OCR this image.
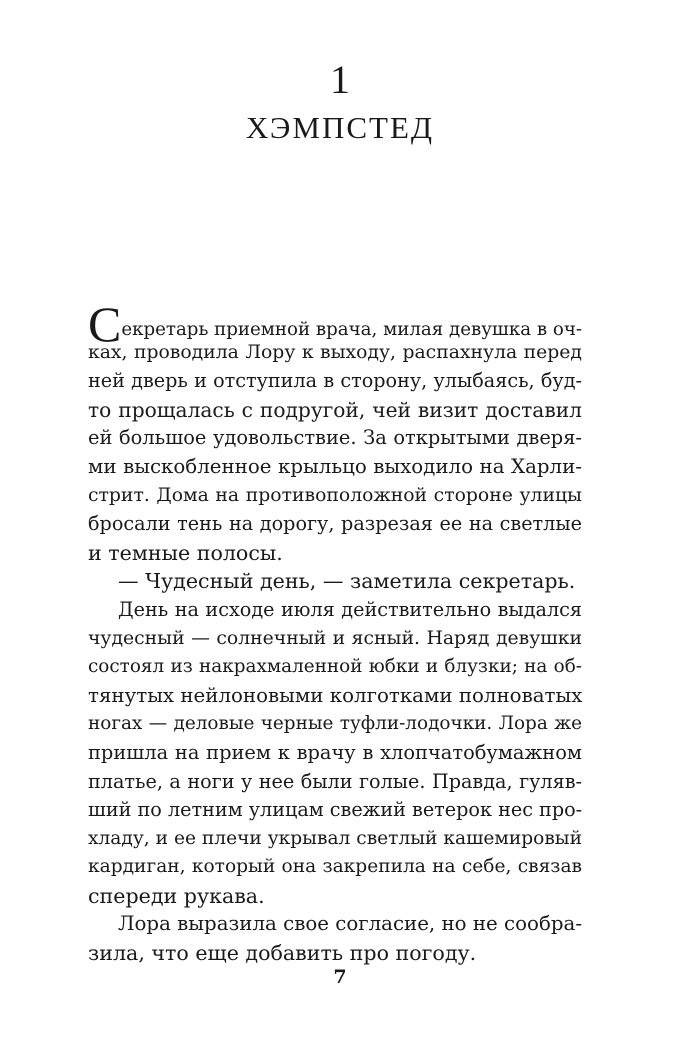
1
ХЭМПСТЕД
Секретарь приемной врача, милая девушка в оч-
ках, проводила Лору к выходу, распахнула перед
ней дверь и отступила в сторону, улыбаясь, буд-
то прощалась с подругой, чей визит доставил
ей большое удовольствие. За открытыми дверя-
ми выскобленное крыльцо выходило на Харли-
стрит. Дома на противоположной стороне улицы
бросали тень на дорогу, разрезая ее на светлые
и темные полосы.
— Чудесный день, — заметила секретарь.
День на исходе июля действительно выдался
чудесный — солнечный и ясный. Наряд девушки
состоял из накрахмаленной юбки и блузки; на об-
тянутых нейлоновыми колготками полноватых
ногах — деловые черные туфли-лодочки. Лора же
пришла на прием к врачу в хлопчатобумажном
платье, а ноги у нее были голые. Правда, гуляв-
ший по летним улицам свежий ветерок нес про-
хладу, и ее плечи укрывал светлый кашемировый
кардиган, который она закрепила на себе, связав
спереди рукава.
Лора выразила свое согласие, но не сообра-
зила, что еще добавить про погоду.
7
